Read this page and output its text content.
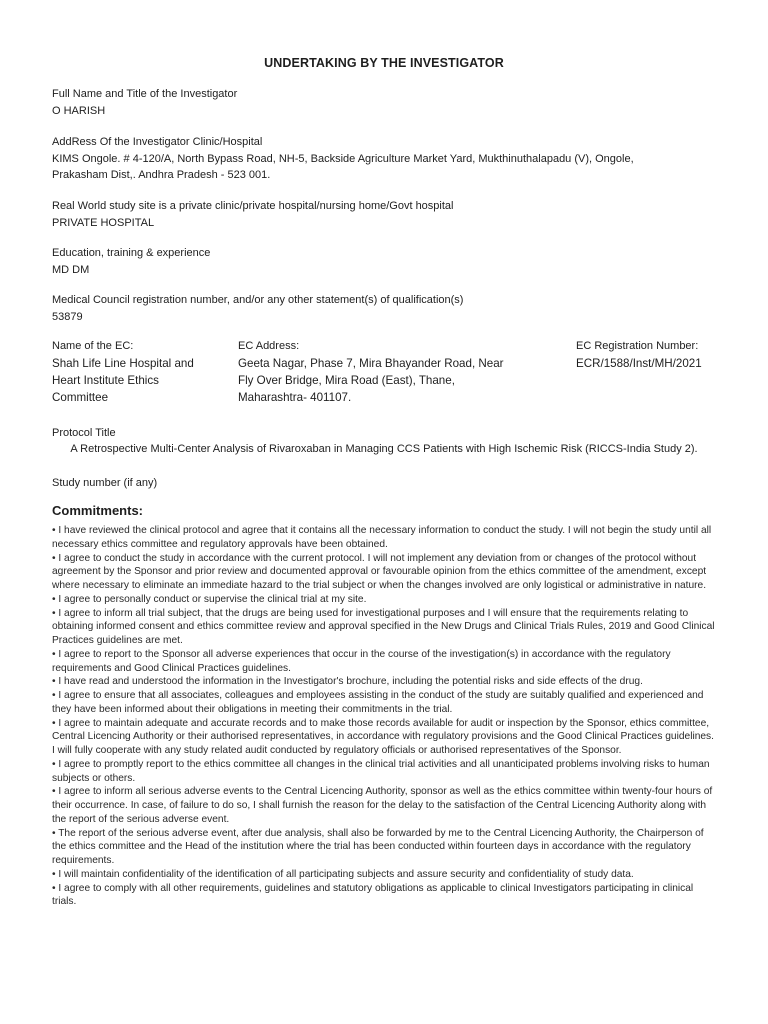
UNDERTAKING BY THE INVESTIGATOR
Full Name and Title of the Investigator
O HARISH
AddRess Of the Investigator Clinic/Hospital
KIMS Ongole. # 4-120/A, North Bypass Road, NH-5, Backside Agriculture Market Yard, Mukthinuthalapadu (V), Ongole,
Prakasham Dist,. Andhra Pradesh - 523 001.
Real World study site is a private clinic/private hospital/nursing home/Govt hospital
PRIVATE HOSPITAL
Education, training & experience
MD DM
Medical Council registration number, and/or any other statement(s) of qualification(s)
53879
Name of the EC:
Shah Life Line Hospital and
Heart Institute Ethics
Committee
EC Address:
Geeta Nagar, Phase 7, Mira Bhayander Road, Near
Fly Over Bridge, Mira Road (East), Thane,
Maharashtra- 401107.
EC Registration Number:
ECR/1588/Inst/MH/2021
Protocol Title
A Retrospective Multi-Center Analysis of Rivaroxaban in Managing CCS Patients with High Ischemic Risk (RICCS-India Study 2).
Study number (if any)
Commitments:

• I have reviewed the clinical protocol and agree that it contains all the necessary information to conduct the study. I will not begin the study until all necessary ethics committee and regulatory approvals have been obtained.

• I agree to conduct the study in accordance with the current protocol. I will not implement any deviation from or changes of the protocol without agreement by the Sponsor and prior review and documented approval or favourable opinion from the ethics committee of the amendment, except where necessary to eliminate an immediate hazard to the trial subject or when the changes involved are only logistical or administrative in nature.

• I agree to personally conduct or supervise the clinical trial at my site.

• I agree to inform all trial subject, that the drugs are being used for investigational purposes and I will ensure that the requirements relating to obtaining informed consent and ethics committee review and approval specified in the New Drugs and Clinical Trials Rules, 2019 and Good Clinical Practices guidelines are met.

• I agree to report to the Sponsor all adverse experiences that occur in the course of the investigation(s) in accordance with the regulatory requirements and Good Clinical Practices guidelines.

• I have read and understood the information in the Investigator's brochure, including the potential risks and side effects of the drug.

• I agree to ensure that all associates, colleagues and employees assisting in the conduct of the study are suitably qualified and experienced and they have been informed about their obligations in meeting their commitments in the trial.

• I agree to maintain adequate and accurate records and to make those records available for audit or inspection by the Sponsor, ethics committee, Central Licencing Authority or their authorised representatives, in accordance with regulatory provisions and the Good Clinical Practices guidelines. I will fully cooperate with any study related audit conducted by regulatory officials or authorised representatives of the Sponsor.

• I agree to promptly report to the ethics committee all changes in the clinical trial activities and all unanticipated problems involving risks to human subjects or others.

• I agree to inform all serious adverse events to the Central Licencing Authority, sponsor as well as the ethics committee within twenty-four hours of their occurrence. In case, of failure to do so, I shall furnish the reason for the delay to the satisfaction of the Central Licencing Authority along with the report of the serious adverse event.

• The report of the serious adverse event, after due analysis, shall also be forwarded by me to the Central Licencing Authority, the Chairperson of the ethics committee and the Head of the institution where the trial has been conducted within fourteen days in accordance with the regulatory requirements.

• I will maintain confidentiality of the identification of all participating subjects and assure security and confidentiality of study data.

• I agree to comply with all other requirements, guidelines and statutory obligations as applicable to clinical Investigators participating in clinical trials.
